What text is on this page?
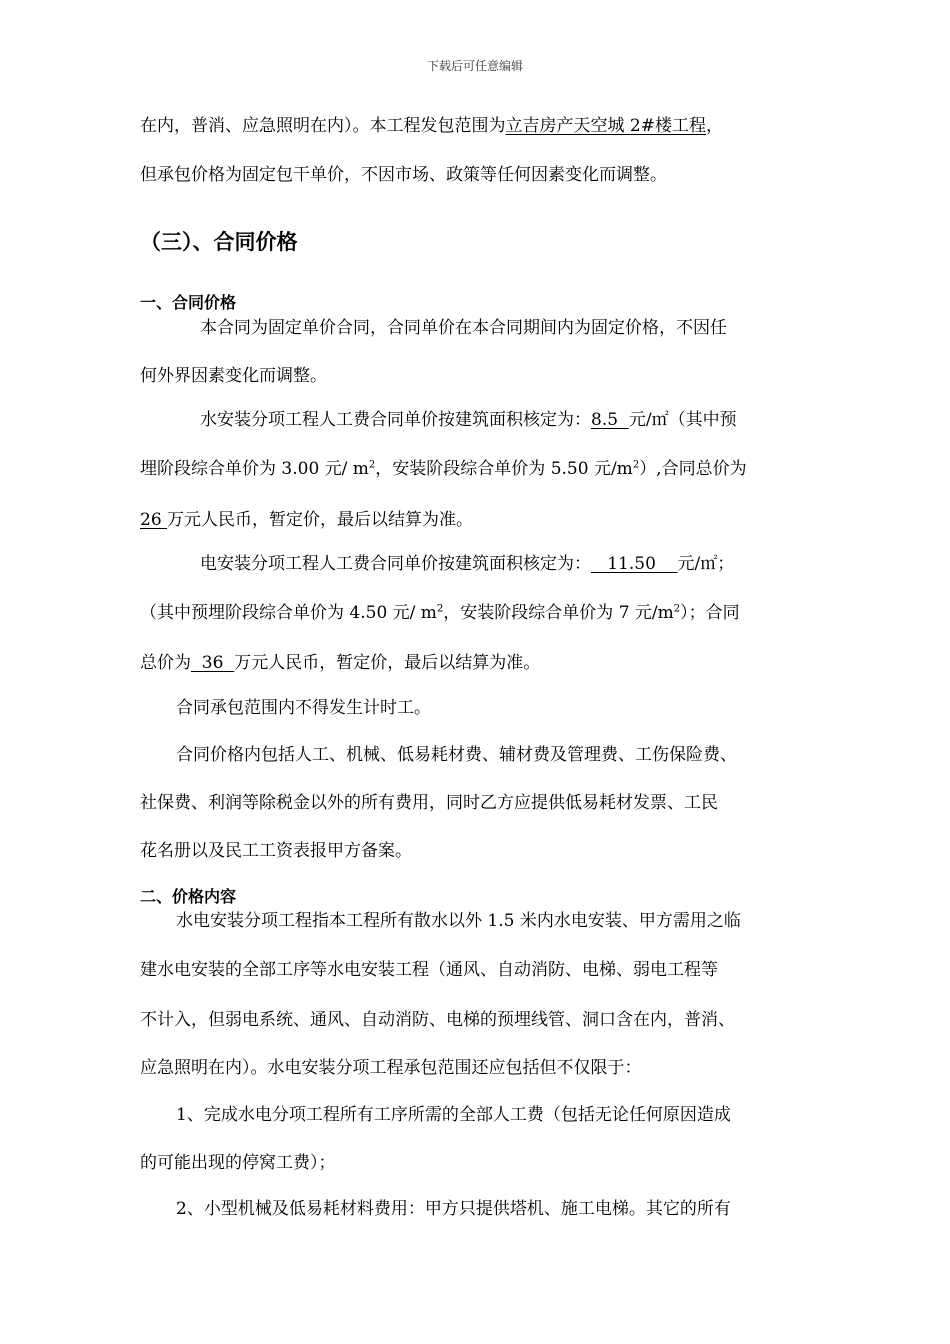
下载后可任意编辑
在内，普消、应急照明在内）。本工程发包范围为立吉房产天空城 2#楼工程，
但承包价格为固定包干单价，不因市场、政策等任何因素变化而调整。
（三）、合同价格
一、合同价格
本合同为固定单价合同，合同单价在本合同期间内为固定价格，不因任
何外界因素变化而调整。
水安装分项工程人工费合同单价按建筑面积核定为：8.5  元/㎡（其中预
埋阶段综合单价为 3.00 元/ $m^2$，安装阶段综合单价为 5.50 元$/m^2$）,合同总价为
26 万元人民币，暂定价，最后以结算为准。
电安装分项工程人工费合同单价按建筑面积核定为：   11.50    元/㎡；
（其中预埋阶段综合单价为 4.50 元/ $m^2$，安装阶段综合单价为 7 元$/m^2$）；合同
总价为  36  万元人民币，暂定价，最后以结算为准。
合同承包范围内不得发生计时工。
合同价格内包括人工、机械、低易耗材费、辅材费及管理费、工伤保险费、
社保费、利润等除税金以外的所有费用，同时乙方应提供低易耗材发票、工民
花名册以及民工工资表报甲方备案。
二、价格内容
水电安装分项工程指本工程所有散水以外 1.5 米内水电安装、甲方需用之临
建水电安装的全部工序等水电安装工程（通风、自动消防、电梯、弱电工程等
不计入，但弱电系统、通风、自动消防、电梯的预埋线管、洞口含在内，普消、
应急照明在内）。水电安装分项工程承包范围还应包括但不仅限于：
1、完成水电分项工程所有工序所需的全部人工费（包括无论任何原因造成
的可能出现的停窝工费）；
2、小型机械及低易耗材料费用：甲方只提供塔机、施工电梯。其它的所有
